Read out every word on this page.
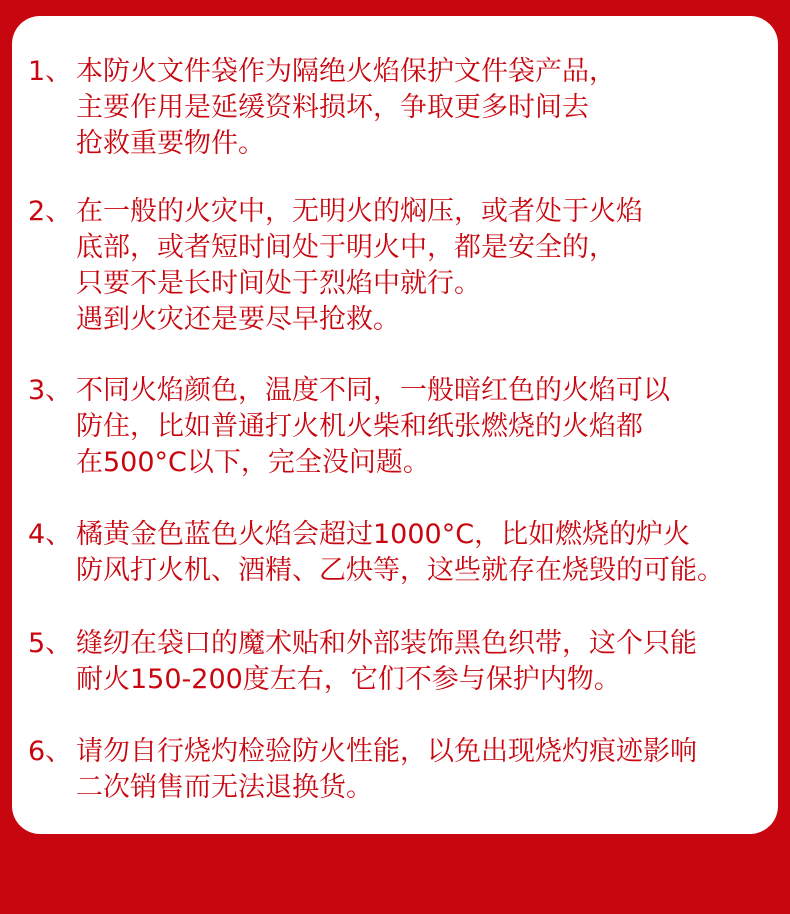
1、 本防火文件袋作为隔绝火焰保护文件袋产品，
主要作用是延缓资料损坏，争取更多时间去
抢救重要物件。
2、 在一般的火灾中，无明火的焖压，或者处于火焰
底部，或者短时间处于明火中，都是安全的，
只要不是长时间处于烈焰中就行。
遇到火灾还是要尽早抢救。
3、 不同火焰颜色，温度不同，一般暗红色的火焰可以
防住，比如普通打火机火柴和纸张燃烧的火焰都
在500°C以下，完全没问题。
4、 橘黄金色蓝色火焰会超过1000°C，比如燃烧的炉火
防风打火机、酒精、乙炔等，这些就存在烧毁的可能。
5、 缝纫在袋口的魔术贴和外部装饰黑色织带，这个只能
耐火150-200度左右，它们不参与保护内物。
6、 请勿自行烧灼检验防火性能，以免出现烧灼痕迹影响
二次销售而无法退换货。
